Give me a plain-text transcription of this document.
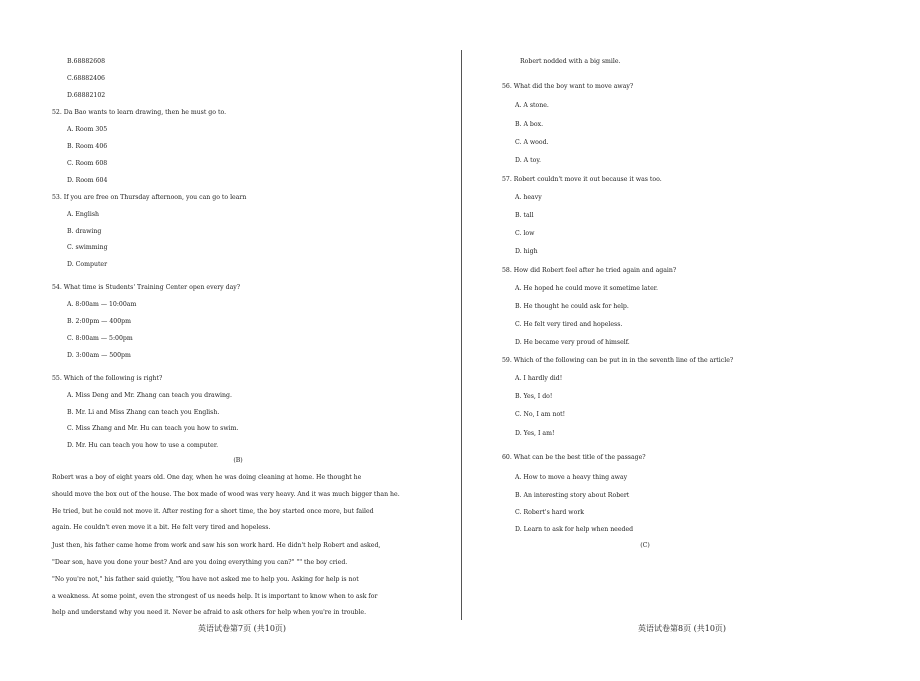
(B)
(C)
英语试卷第7页 (共10页)	英语试卷第8页 (共10页)
B.68882608
C.68882406
D.68882102
52. Da Bao wants to learn drawing, then he must go to.
A. Room 305
B. Room 406
C. Room 608
D. Room 604
53. If you are free on Thursday afternoon, you can go to learn
A. English
B. drawing
C. swimming
D. Computer
54. What time is Students' Training Center open every day?
A. 8:00am — 10:00am
B. 2:00pm — 400pm
C. 8:00am — 5:00pm
D. 3:00am — 500pm
55. Which of the following is right?
A. Miss Deng and Mr. Zhang can teach you drawing.
B. Mr. Li and Miss Zhang can teach you English.
C. Miss Zhang and Mr. Hu can teach you how to swim.
D. Mr. Hu can teach you how to use a computer.
Robert was a boy of eight years old. One day, when he was doing cleaning at home. He thought he
should move the box out of the house. The box made of wood was very heavy. And it was much bigger than he.
He tried, but he could not move it. After resting for a short time, the boy started once more, but failed
again. He couldn't even move it a bit. He felt very tired and hopeless.
Just then, his father came home from work and saw his son work hard. He didn't help Robert and asked,
"Dear son, have you done your best? And are you doing everything you can?" "" the boy cried.
"No you're not," his father said quietly, "You have not asked me to help you. Asking for help is not
a weakness. At some point, even the strongest of us needs help. It is important to know when to ask for
help and understand why you need it. Never be afraid to ask others for help when you're in trouble.
Robert nodded with a big smile.
56. What did the boy want to move away?
A. A stone.
B. A box.
C. A wood.
D. A toy.
57. Robert couldn't move it out because it was too.
A. heavy
B. tall
C. low
D. high
58. How did Robert feel after he tried again and again?
A. He hoped he could move it sometime later.
B. He thought he could ask for help.
C. He felt very tired and hopeless.
D. He became very proud of himself.
59. Which of the following can be put in in the seventh line of the article?
A. I hardly did!
B. Yes, I do!
C. No, I am not!
D. Yes, I am!
60. What can be the best title of the passage?
A. How to move a heavy thing away
B. An interesting story about Robert
C. Robert's hard work
D. Learn to ask for help when needed
